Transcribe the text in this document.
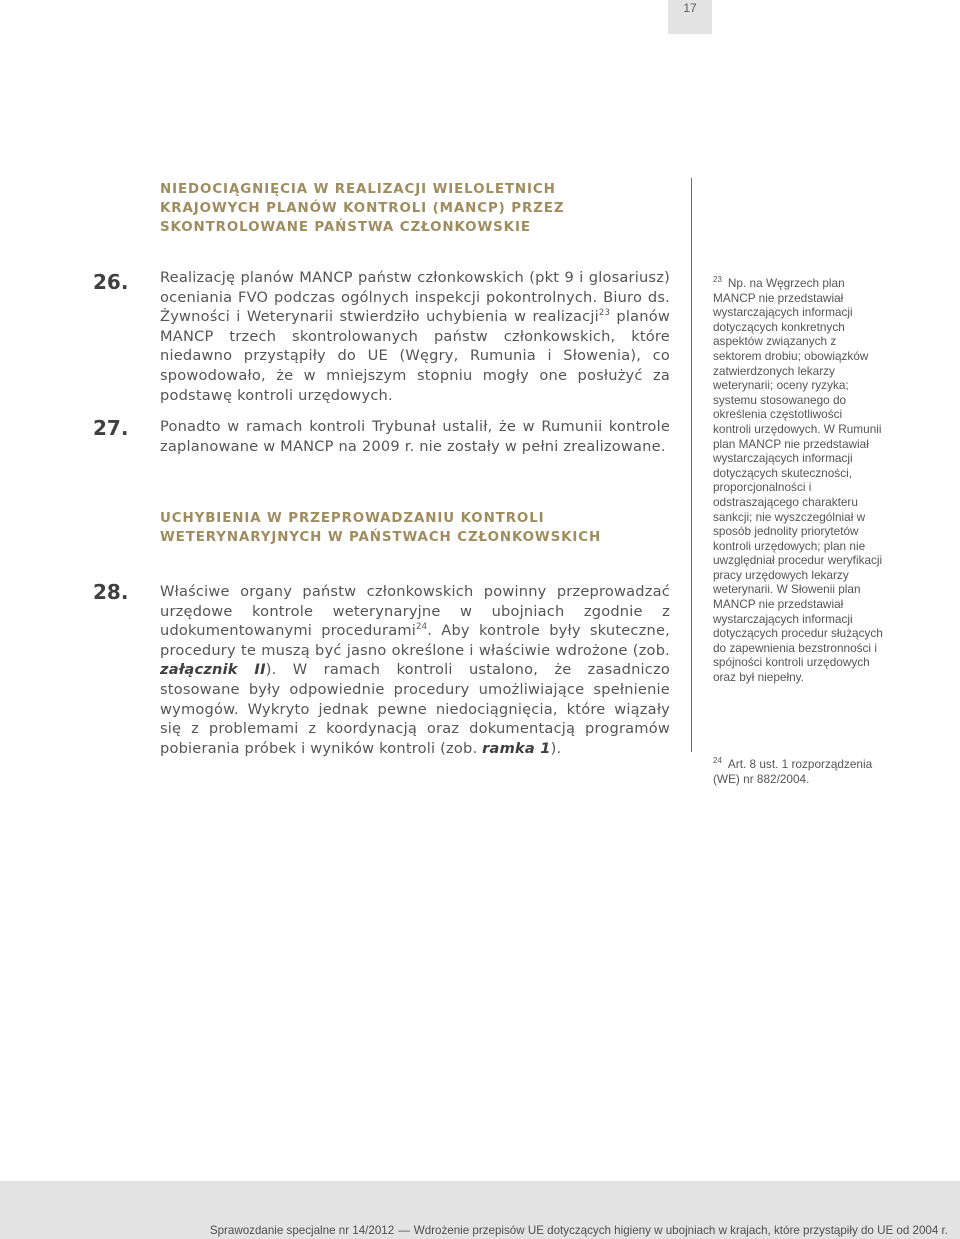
17
NIEDOCIĄGNIĘCIA W REALIZACJI WIELOLETNICH KRAJOWYCH PLANÓW KONTROLI (MANCP) PRZEZ SKONTROLOWANE PAŃSTWA CZŁONKOWSKIE
26. Realizację planów MANCP państw członkowskich (pkt 9 i glosariusz) oceniania FVO podczas ogólnych inspekcji pokontrolnych. Biuro ds. Żywności i Weterynarii stwierdziło uchybienia w realizacji$^{23}$ planów MANCP trzech skontrolowanych państw członkowskich, które niedawno przystąpiły do UE (Węgry, Rumunia i Słowenia), co spowodowało, że w mniejszym stopniu mogły one posłużyć za podstawę kontroli urzędowych.

27. Ponadto w ramach kontroli Trybunał ustalił, że w Rumunii kontrole zaplanowane w MANCP na 2009 r. nie zostały w pełni zrealizowane.

UCHYBIENIA W PRZEPROWADZANIU KONTROLI WETERYNARYJNYCH W PAŃSTWACH CZŁONKOWSKICH
28. Właściwe organy państw członkowskich powinny przeprowadzać urzędowe kontrole weterynaryjne w ubojniach zgodnie z udokumentowanymi procedurami$^{24}$. Aby kontrole były skuteczne, procedury te muszą być jasno określone i właściwie wdrożone (zob. załącznik II). W ramach kontroli ustalono, że zasadniczo stosowane były odpowiednie procedury umożliwiające spełnienie wymogów. Wykryto jednak pewne niedociągnięcia, które wiązały się z problemami z koordynacją oraz dokumentacją programów pobierania próbek i wyników kontroli (zob. ramka 1).

$^{23}$ Np. na Węgrzech plan MANCP nie przedstawiał wystarczających informacji dotyczących konkretnych aspektów związanych z sektorem drobiu; obowiązków zatwierdzonych lekarzy weterynarii; oceny ryzyka; systemu stosowanego do określenia częstotliwości kontroli urzędowych. W Rumunii plan MANCP nie przedstawiał wystarczających informacji dotyczących skuteczności, proporcjonalności i odstraszającego charakteru sankcji; nie wyszczególniał w sposób jednolity priorytetów kontroli urzędowych; plan nie uwzględniał procedur weryfikacji pracy urzędowych lekarzy weterynarii. W Słowenii plan MANCP nie przedstawiał wystarczających informacji dotyczących procedur służących do zapewnienia bezstronności i spójności kontroli urzędowych oraz był niepełny.

$^{24}$ Art. 8 ust. 1 rozporządzenia (WE) nr 882/2004.

Sprawozdanie specjalne nr 14/2012 — Wdrożenie przepisów UE dotyczących higieny w ubojniach w krajach, które przystąpiły do UE od 2004 r.
